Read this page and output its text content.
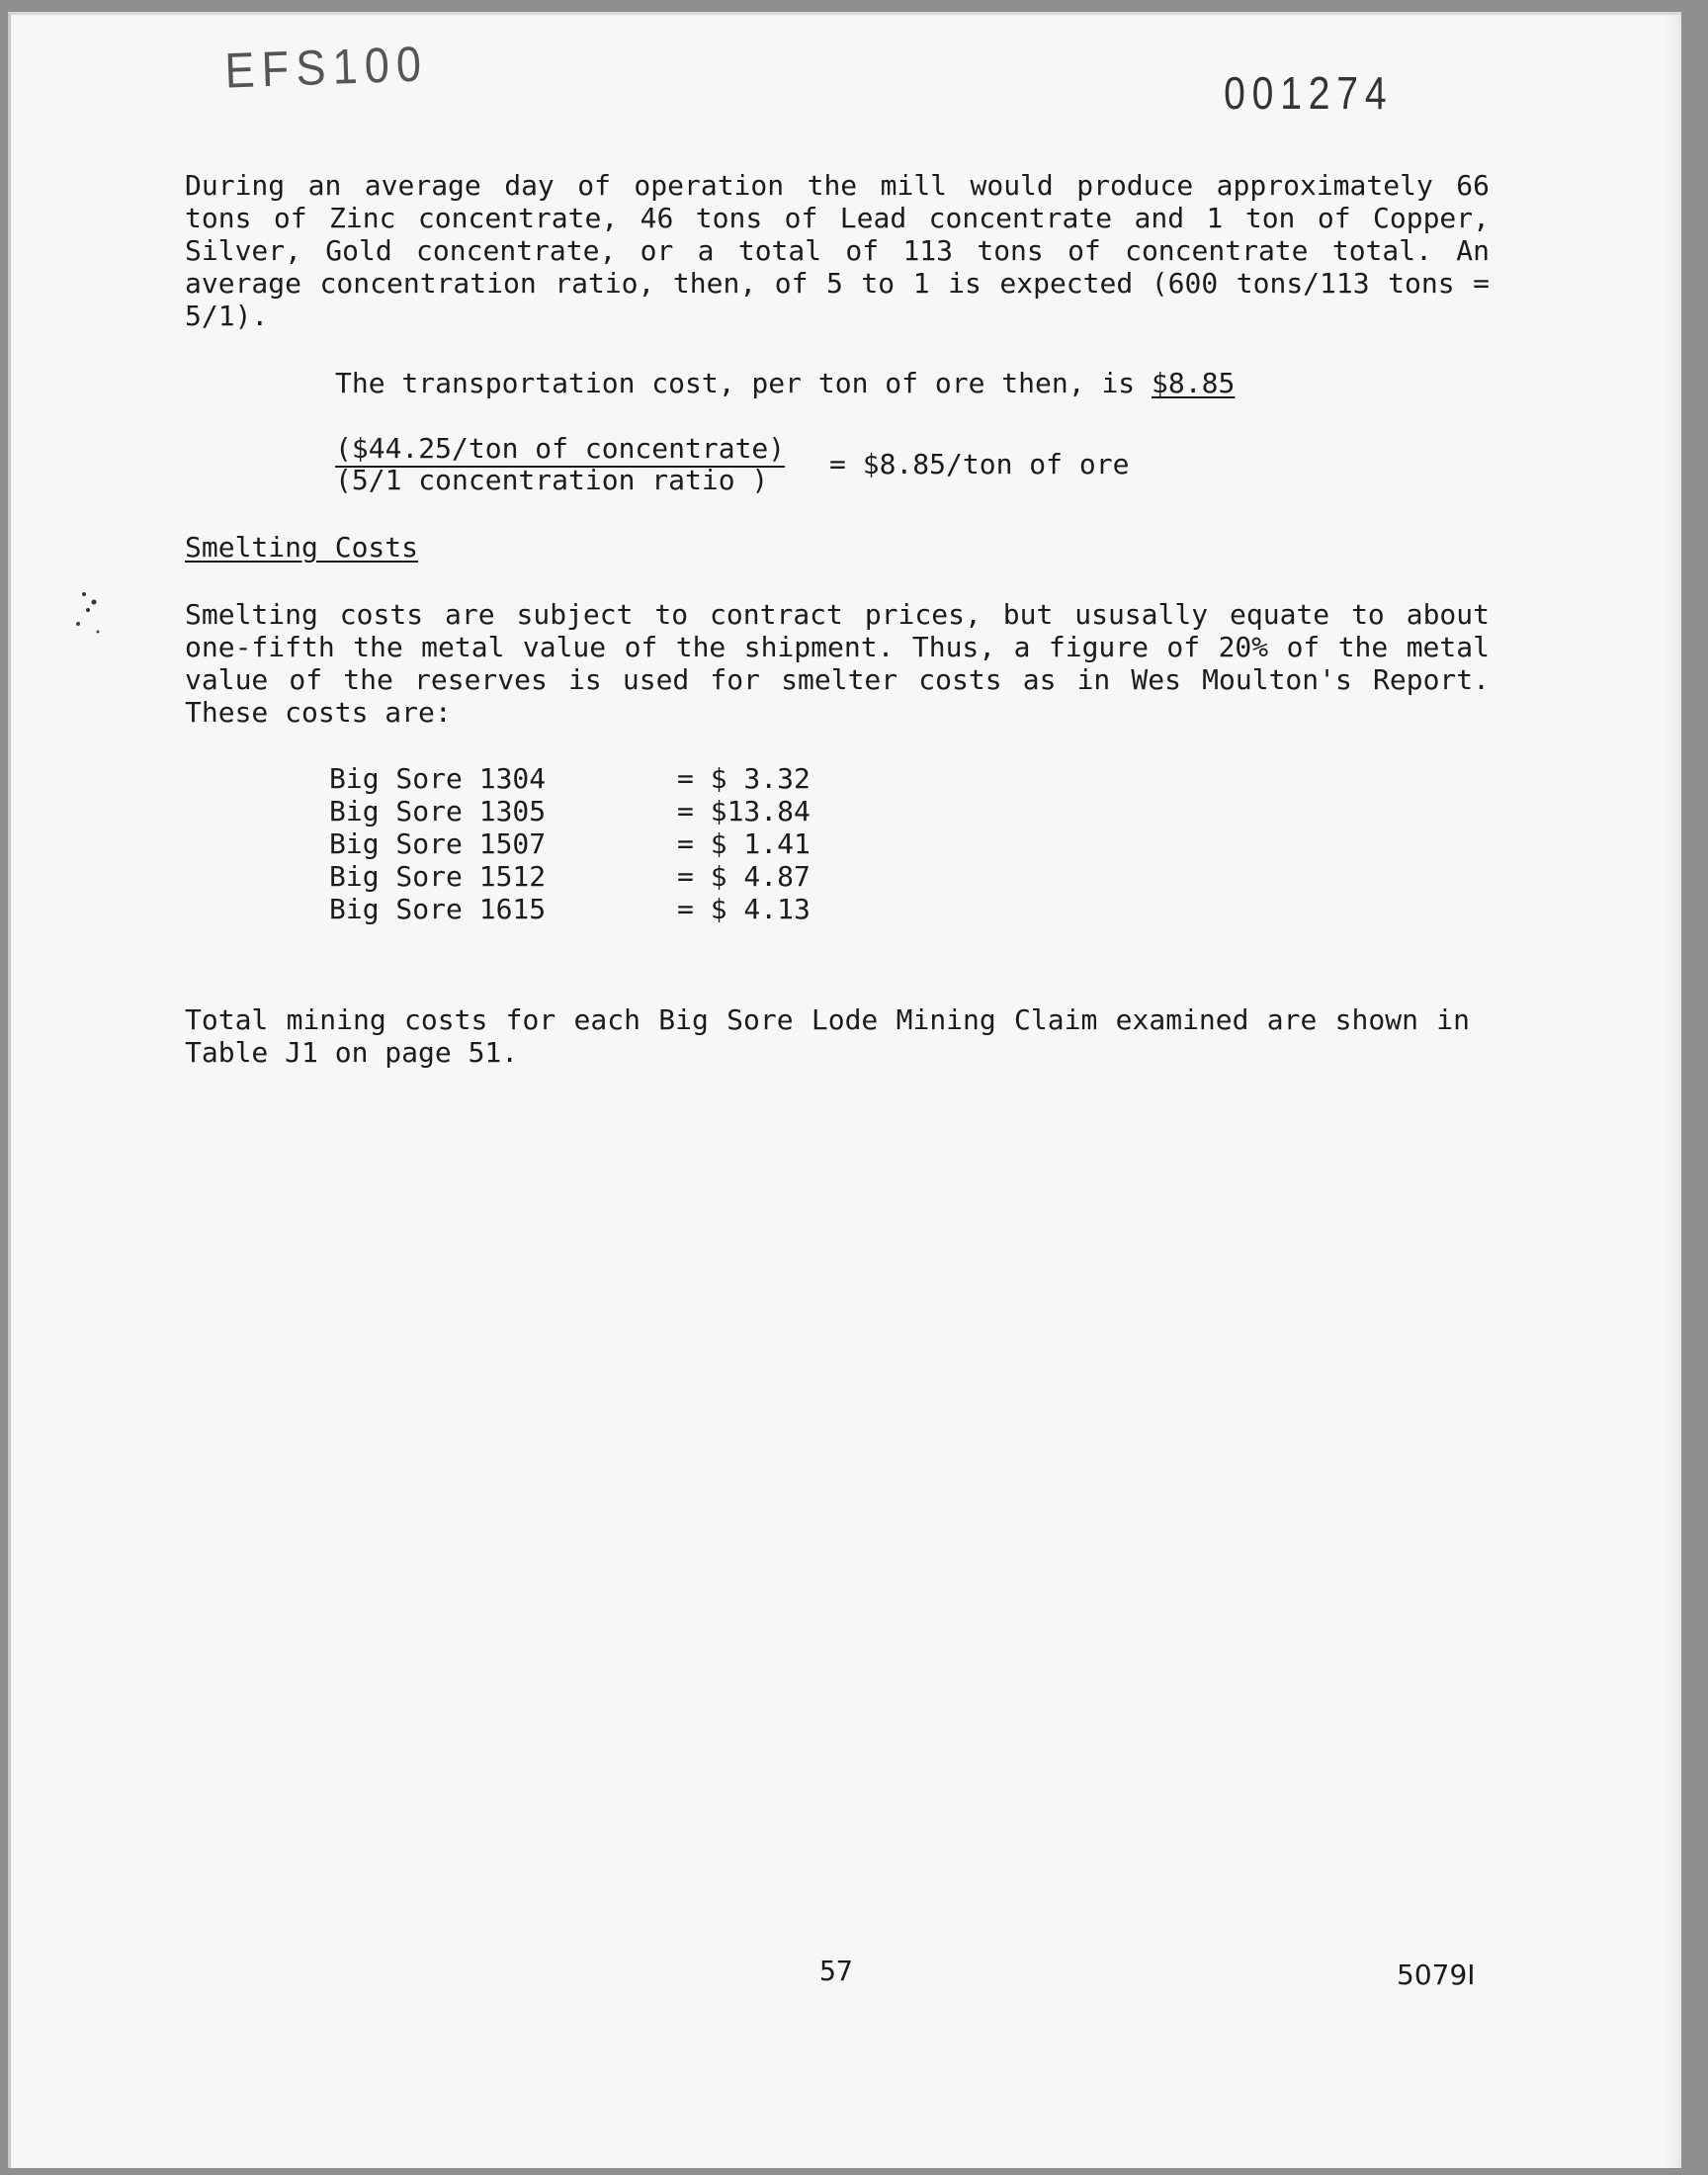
EFS100	001274
During an average day of operation the mill would produce approximately 66 tons of Zinc concentrate, 46 tons of Lead concentrate and 1 ton of Copper, Silver, Gold concentrate, or a total of 113 tons of concentrate total. An average concentration ratio, then, of 5 to 1 is expected (600 tons/113 tons = 5/1).
The transportation cost, per ton of ore then, is $8.85
($44.25/ton of concentrate)
(5/1 concentration ratio ) = $8.85/ton of ore
Smelting Costs
Smelting costs are subject to contract prices, but ususally equate to about one-fifth the metal value of the shipment. Thus, a figure of 20% of the metal value of the reserves is used for smelter costs as in Wes Moulton's Report. These costs are:
Big Sore 1304	= $ 3.32
Big Sore 1305	= $13.84
Big Sore 1507	= $ 1.41
Big Sore 1512	= $ 4.87
Big Sore 1615	= $ 4.13
Total mining costs for each Big Sore Lode Mining Claim examined are shown in Table J1 on page 51.
57	5079I
